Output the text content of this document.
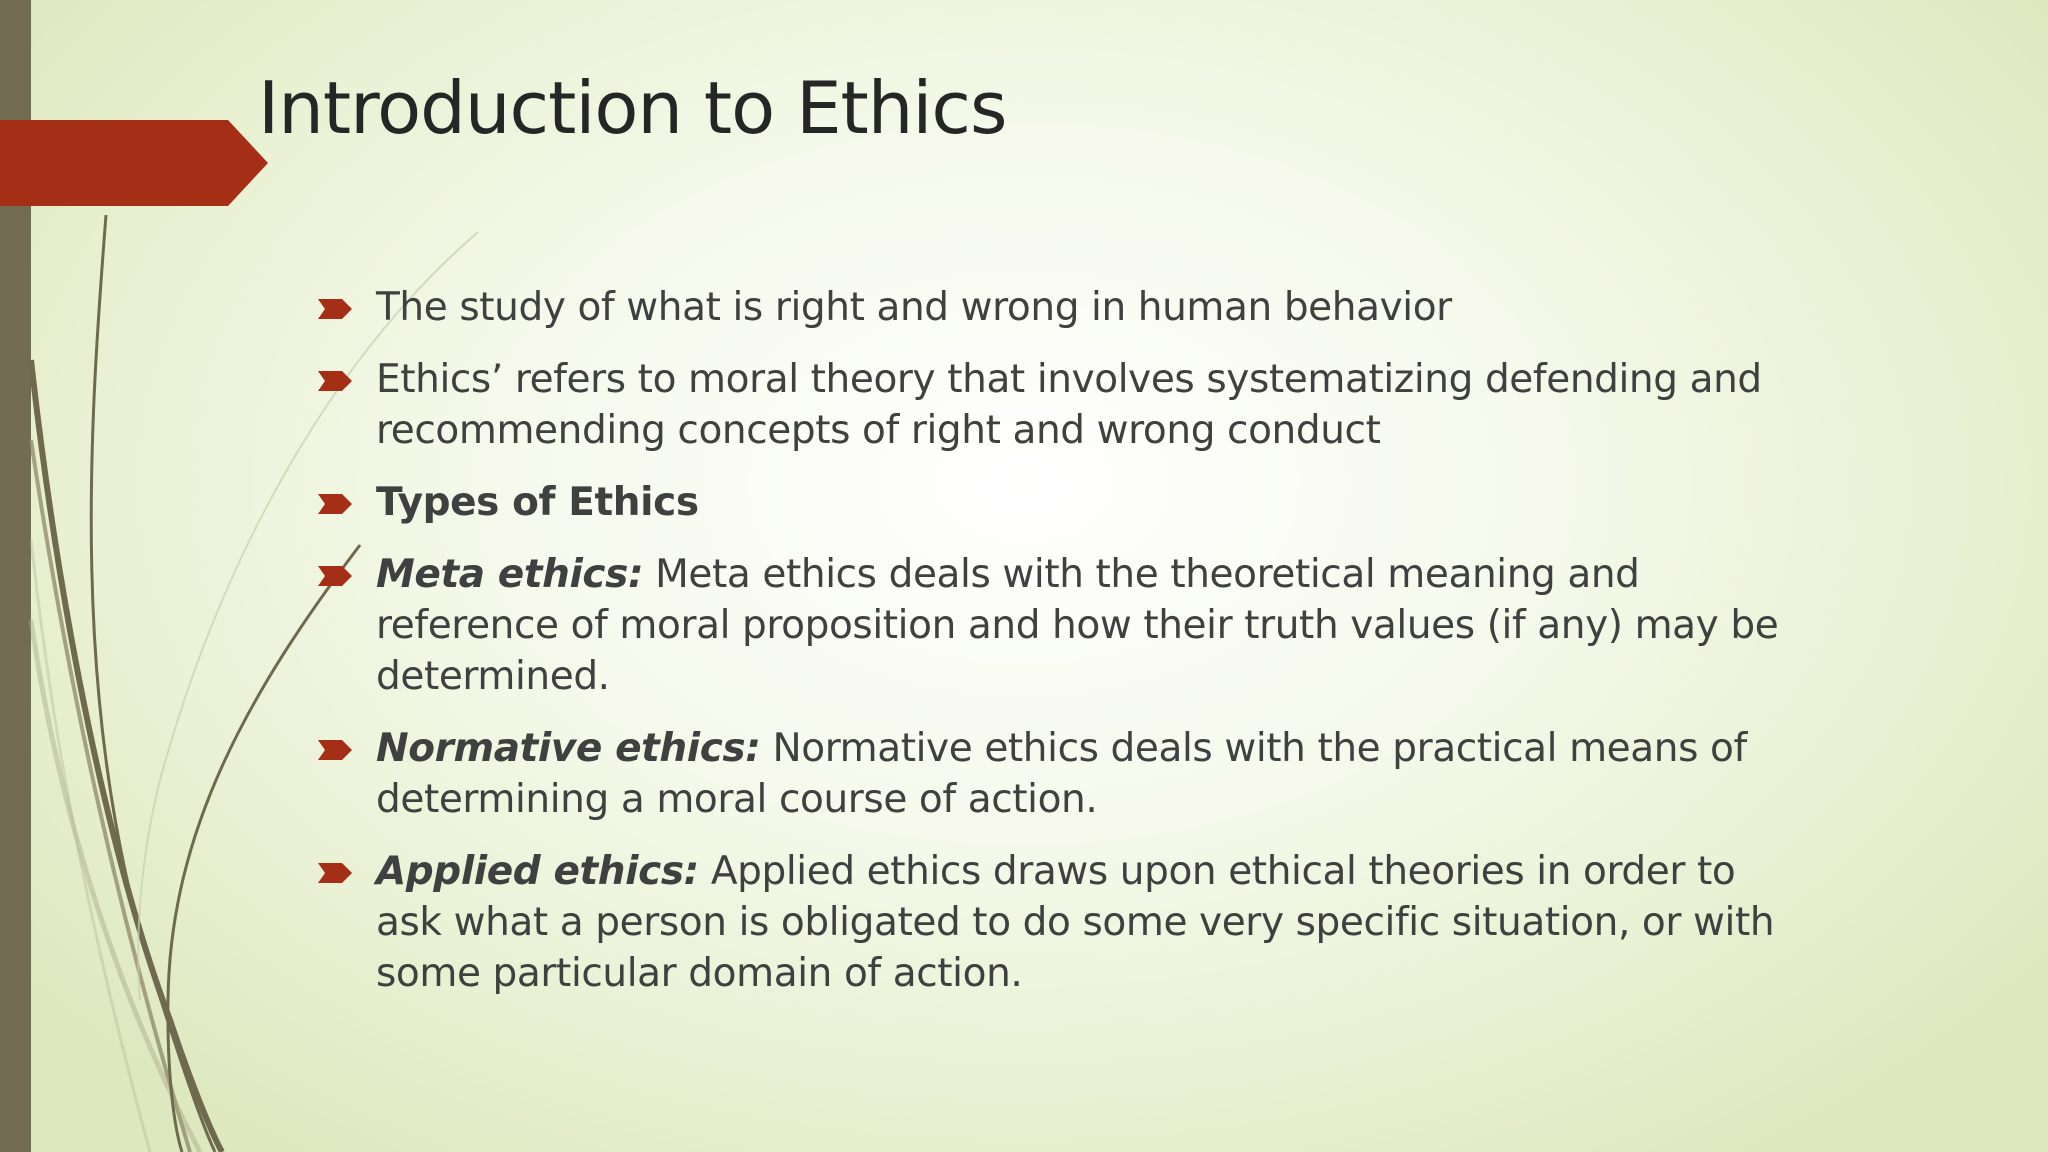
Introduction to Ethics
The study of what is right and wrong in human behavior
Ethics’ refers to moral theory that involves systematizing defending and recommending concepts of right and wrong conduct
Types of Ethics
Meta ethics: Meta ethics deals with the theoretical meaning and reference of moral proposition and how their truth values (if any) may be determined.
Normative ethics: Normative ethics deals with the practical means of determining a moral course of action.
Applied ethics: Applied ethics draws upon ethical theories in order to ask what a person is obligated to do some very specific situation, or with some particular domain of action.
